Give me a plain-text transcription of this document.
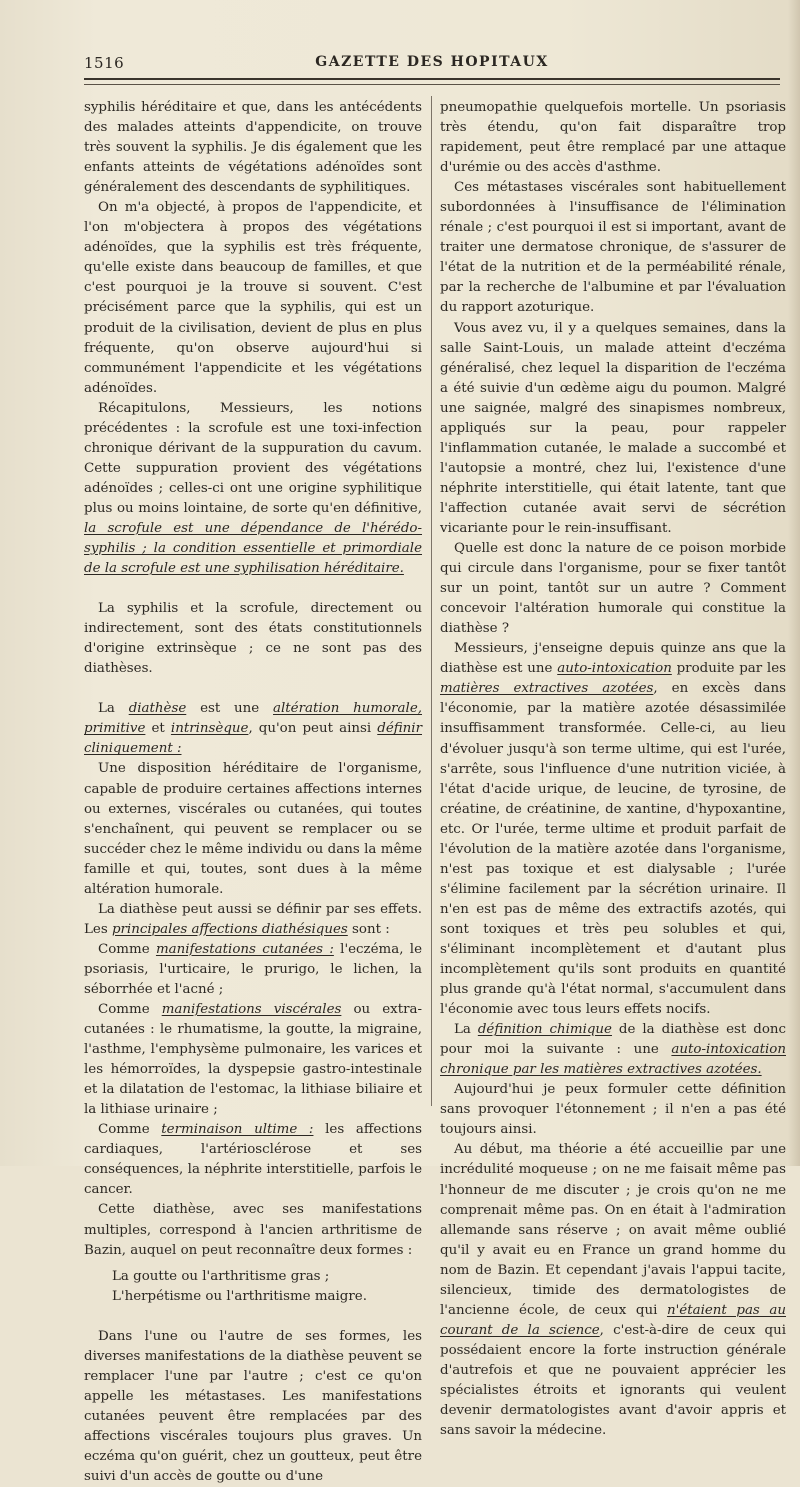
1516	GAZETTE DES HOPITAUX

syphilis héréditaire et que, dans les antécédents des malades atteints d'appendicite, on trouve très souvent la syphilis. Je dis également que les enfants atteints de végétations adénoïdes sont généralement des descendants de syphilitiques.

On m'a objecté, à propos de l'appendicite, et l'on m'objectera à propos des végétations adénoïdes, que la syphilis est très fréquente, qu'elle existe dans beaucoup de familles, et que c'est pourquoi je la trouve si souvent. C'est précisément parce que la syphilis, qui est un produit de la civilisation, devient de plus en plus fréquente, qu'on observe aujourd'hui si communément l'appendicite et les végétations adénoïdes.

Récapitulons, Messieurs, les notions précédentes : la scrofule est une toxi-infection chronique dérivant de la suppuration du cavum. Cette suppuration provient des végétations adénoïdes ; celles-ci ont une origine syphilitique plus ou moins lointaine, de sorte qu'en définitive, la scrofule est une dépendance de l'hérédo-syphilis ; la condition essentielle et primordiale de la scrofule est une syphilisation héréditaire.

La syphilis et la scrofule, directement ou indirectement, sont des états constitutionnels d'origine extrinsèque ; ce ne sont pas des diathèses.

La diathèse est une altération humorale, primitive et intrinsèque, qu'on peut ainsi définir cliniquement :

Une disposition héréditaire de l'organisme, capable de produire certaines affections internes ou externes, viscérales ou cutanées, qui toutes s'enchaînent, qui peuvent se remplacer ou se succéder chez le même individu ou dans la même famille et qui, toutes, sont dues à la même altération humorale.

La diathèse peut aussi se définir par ses effets. Les principales affections diathésiques sont :

Comme manifestations cutanées : l'eczéma, le psoriasis, l'urticaire, le prurigo, le lichen, la séborrhée et l'acné ;

Comme manifestations viscérales ou extra-cutanées : le rhumatisme, la goutte, la migraine, l'asthme, l'emphysème pulmonaire, les varices et les hémorroïdes, la dyspepsie gastro-intestinale et la dilatation de l'estomac, la lithiase biliaire et la lithiase urinaire ;

Comme terminaison ultime : les affections cardiaques, l'artériosclérose et ses conséquences, la néphrite interstitielle, parfois le cancer.

Cette diathèse, avec ses manifestations multiples, correspond à l'ancien arthritisme de Bazin, auquel on peut reconnaître deux formes :

La goutte ou l'arthritisme gras ;

L'herpétisme ou l'arthritisme maigre.

Dans l'une ou l'autre de ses formes, les diverses manifestations de la diathèse peuvent se remplacer l'une par l'autre ; c'est ce qu'on appelle les métastases. Les manifestations cutanées peuvent être remplacées par des affections viscérales toujours plus graves. Un eczéma qu'on guérit, chez un goutteux, peut être suivi d'un accès de goutte ou d'une

pneumopathie quelquefois mortelle. Un psoriasis très étendu, qu'on fait disparaître trop rapidement, peut être remplacé par une attaque d'urémie ou des accès d'asthme.

Ces métastases viscérales sont habituellement subordonnées à l'insuffisance de l'élimination rénale ; c'est pourquoi il est si important, avant de traiter une dermatose chronique, de s'assurer de l'état de la nutrition et de la perméabilité rénale, par la recherche de l'albumine et par l'évaluation du rapport azoturique.

Vous avez vu, il y a quelques semaines, dans la salle Saint-Louis, un malade atteint d'eczéma généralisé, chez lequel la disparition de l'eczéma a été suivie d'un œdème aigu du poumon. Malgré une saignée, malgré des sinapismes nombreux, appliqués sur la peau, pour rappeler l'inflammation cutanée, le malade a succombé et l'autopsie a montré, chez lui, l'existence d'une néphrite interstitielle, qui était latente, tant que l'affection cutanée avait servi de sécrétion vicariante pour le rein-insuffisant.

Quelle est donc la nature de ce poison morbide qui circule dans l'organisme, pour se fixer tantôt sur un point, tantôt sur un autre ? Comment concevoir l'altération humorale qui constitue la diathèse ?

Messieurs, j'enseigne depuis quinze ans que la diathèse est une auto-intoxication produite par les matières extractives azotées, en excès dans l'économie, par la matière azotée désassimilée insuffisamment transformée. Celle-ci, au lieu d'évoluer jusqu'à son terme ultime, qui est l'urée, s'arrête, sous l'influence d'une nutrition viciée, à l'état d'acide urique, de leucine, de tyrosine, de créatine, de créatinine, de xantine, d'hypoxantine, etc. Or l'urée, terme ultime et produit parfait de l'évolution de la matière azotée dans l'organisme, n'est pas toxique et est dialysable ; l'urée s'élimine facilement par la sécrétion urinaire. Il n'en est pas de même des extractifs azotés, qui sont toxiques et très peu solubles et qui, s'éliminant incomplètement et d'autant plus incomplètement qu'ils sont produits en quantité plus grande qu'à l'état normal, s'accumulent dans l'économie avec tous leurs effets nocifs.

La définition chimique de la diathèse est donc pour moi la suivante : une auto-intoxication chronique par les matières extractives azotées.

Aujourd'hui je peux formuler cette définition sans provoquer l'étonnement ; il n'en a pas été toujours ainsi.

Au début, ma théorie a été accueillie par une incrédulité moqueuse ; on ne me faisait même pas l'honneur de me discuter ; je crois qu'on ne me comprenait même pas. On en était à l'admiration allemande sans réserve ; on avait même oublié qu'il y avait eu en France un grand homme du nom de Bazin. Et cependant j'avais l'appui tacite, silencieux, timide des dermatologistes de l'ancienne école, de ceux qui n'étaient pas au courant de la science, c'est-à-dire de ceux qui possédaient encore la forte instruction générale d'autrefois et que ne pouvaient apprécier les spécialistes étroits et ignorants qui veulent devenir dermatologistes avant d'avoir appris et sans savoir la médecine.
